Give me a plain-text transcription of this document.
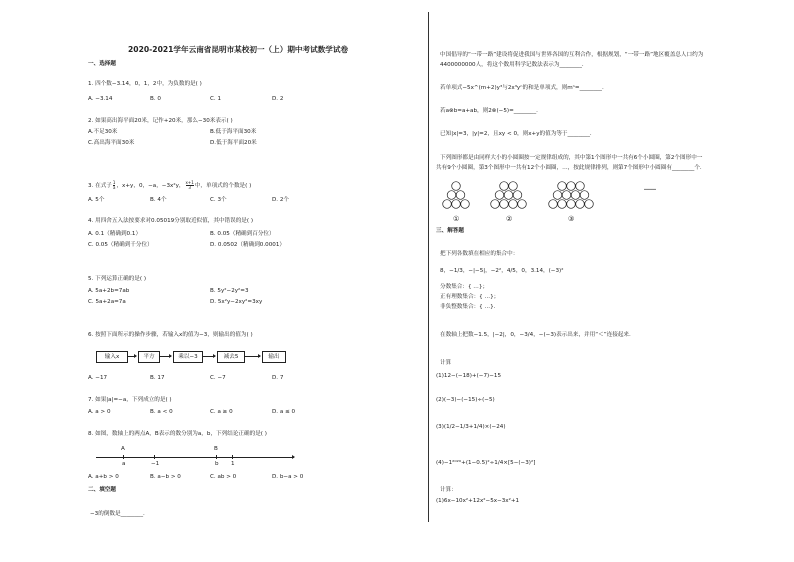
2020-2021学年云南省昆明市某校初一（上）期中考试数学试卷
一、选择题
1. 四个数−3.14，0，1，2中，为负数的是( )
A. −3.14	B. 0	C. 1	D. 2
2. 如果高出海平面20米，记作+20米，那么−30米表示( )
A.不足30米	B.低于海平面30米
C.高出海平面30米	D.低于海平面20米
3. 在式子 $\frac{1}{a}$ ，x+y，0，−a，−3x²y， $\frac{x+1}{3}$ 中，单项式的个数是( )
A. 5个	B. 4个	C. 3个	D. 2个
4. 用四舍五入法按要求对0.05019分别取近似值，其中错误的是( )
A. 0.1（精确到0.1）	B. 0.05（精确到百分位）
C. 0.05（精确到千分位）	D. 0.0502（精确到0.0001）
5. 下列运算正确的是( )
A. 5a+2b=7ab	B. 5y²−2y²=3
C. 5a+2a=7a	D. 5x²y−2xy²=3xy
6. 按照下面所示的操作步骤，若输入x的值为−3，则输出的值为( )
输入x	平方	乘以−3	减去5	输出
A. −17	B. 17	C. −7	D. 7
7. 如果|a|=−a，下列成立的是( )
A. a > 0	B. a < 0	C. a ≥ 0	D. a ≤ 0
8. 如图，数轴上的两点A，B表示的数分别为a，b，下列结论正确的是( )
A	B
a	−1	b 1
A. a+b > 0	B. a−b > 0	C. ab > 0	D. b−a > 0
二、填空题
−3的倒数是________.
中国倡导的“一带一路”建设将促进我国与世界各国的互利合作，根据规划，“一带一路”地区覆盖总人口约为
4400000000人，将这个数用科学记数法表示为________.
若单项式−5x^(m+2)y³与2x³yⁿ的和是单项式，则mⁿ=________.
若a⊗b=a+ab，则2⊗(−5)=________.
已知|x|=3，|y|=2，且xy < 0，则x+y的值为等于________.
下列图形都是由同样大小的小圆圈按一定规律组成的，其中第1个图形中一共有6个小圆圈，第2个图形中一
共有9个小圆圈，第3个图形中一共有12个小圆圈，…，按此规律排列，则第7个图形中小圆圈有________个.
①	②	③
……
三、解答题
把下列各数填在相应的集合中：
8，−1/3，−|−5|，−2²，4/5，0，3.14，(−3)²
分数集合：{ …}；
正有理数集合：{ …}；
非负整数集合：{ …}.
在数轴上把数−1.5，|−2|，0，−3/4，−(−3)表示出来，并用“＜”连接起来.
计算
(1)12−(−18)+(−7)−15
(2)(−3)−(−15)÷(−5)
(3)(1/2−1/3+1/4)×(−24)
(4)−1²⁰²⁰+(1−0.5)²÷1/4×[5−(−3)²]
计算：
(1)6x−10x²+12x²−5x−3x²+1
